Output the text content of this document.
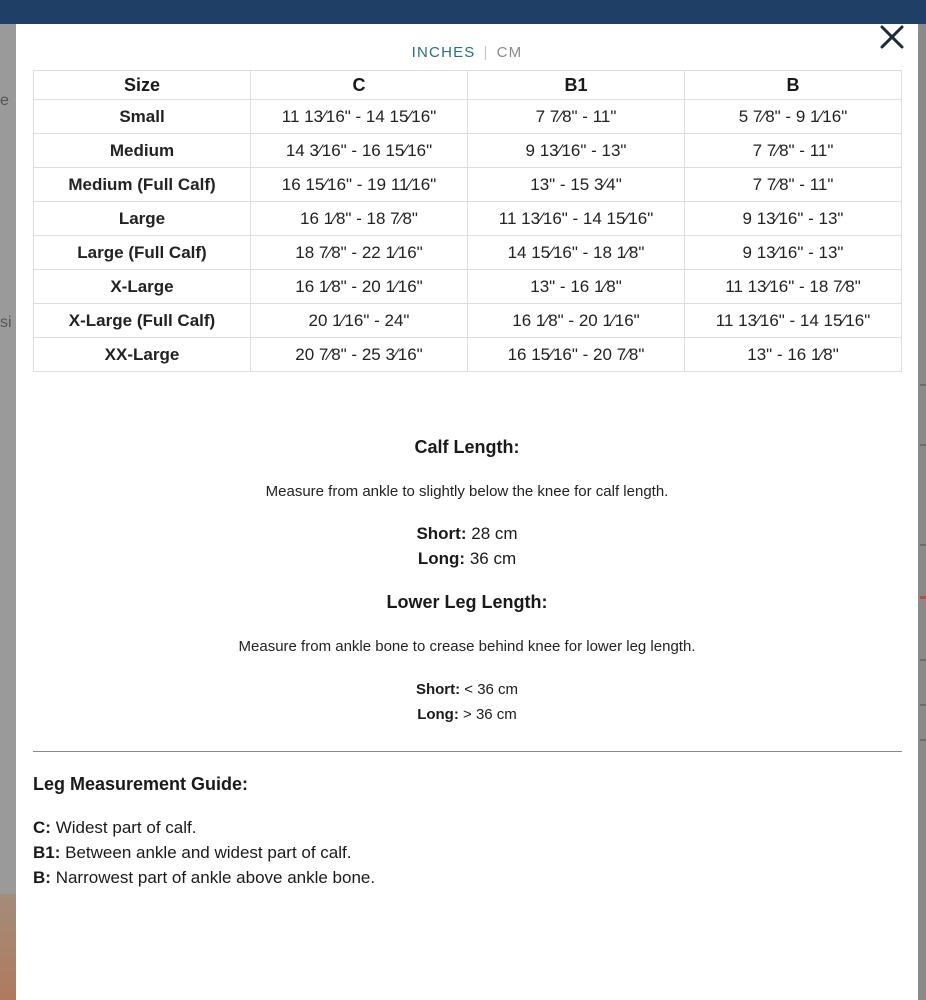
e
si
INCHES | CM
Size	C	B1	B
Small	11 13⁄16" - 14 15⁄16"	7 7⁄8" - 11"	5 7⁄8" - 9 1⁄16"
Medium	14 3⁄16" - 16 15⁄16"	9 13⁄16" - 13"	7 7⁄8" - 11"
Medium (Full Calf)	16 15⁄16" - 19 11⁄16"	13" - 15 3⁄4"	7 7⁄8" - 11"
Large	16 1⁄8" - 18 7⁄8"	11 13⁄16" - 14 15⁄16"	9 13⁄16" - 13"
Large (Full Calf)	18 7⁄8" - 22 1⁄16"	14 15⁄16" - 18 1⁄8"	9 13⁄16" - 13"
X-Large	16 1⁄8" - 20 1⁄16"	13" - 16 1⁄8"	11 13⁄16" - 18 7⁄8"
X-Large (Full Calf)	20 1⁄16" - 24"	16 1⁄8" - 20 1⁄16"	11 13⁄16" - 14 15⁄16"
XX-Large	20 7⁄8" - 25 3⁄16"	16 15⁄16" - 20 7⁄8"	13" - 16 1⁄8"
Calf Length:
Measure from ankle to slightly below the knee for calf length.
Short: 28 cm
Long: 36 cm
Lower Leg Length:
Measure from ankle bone to crease behind knee for lower leg length.
Short: < 36 cm
Long: > 36 cm
Leg Measurement Guide:
C: Widest part of calf.
B1: Between ankle and widest part of calf.
B: Narrowest part of ankle above ankle bone.
